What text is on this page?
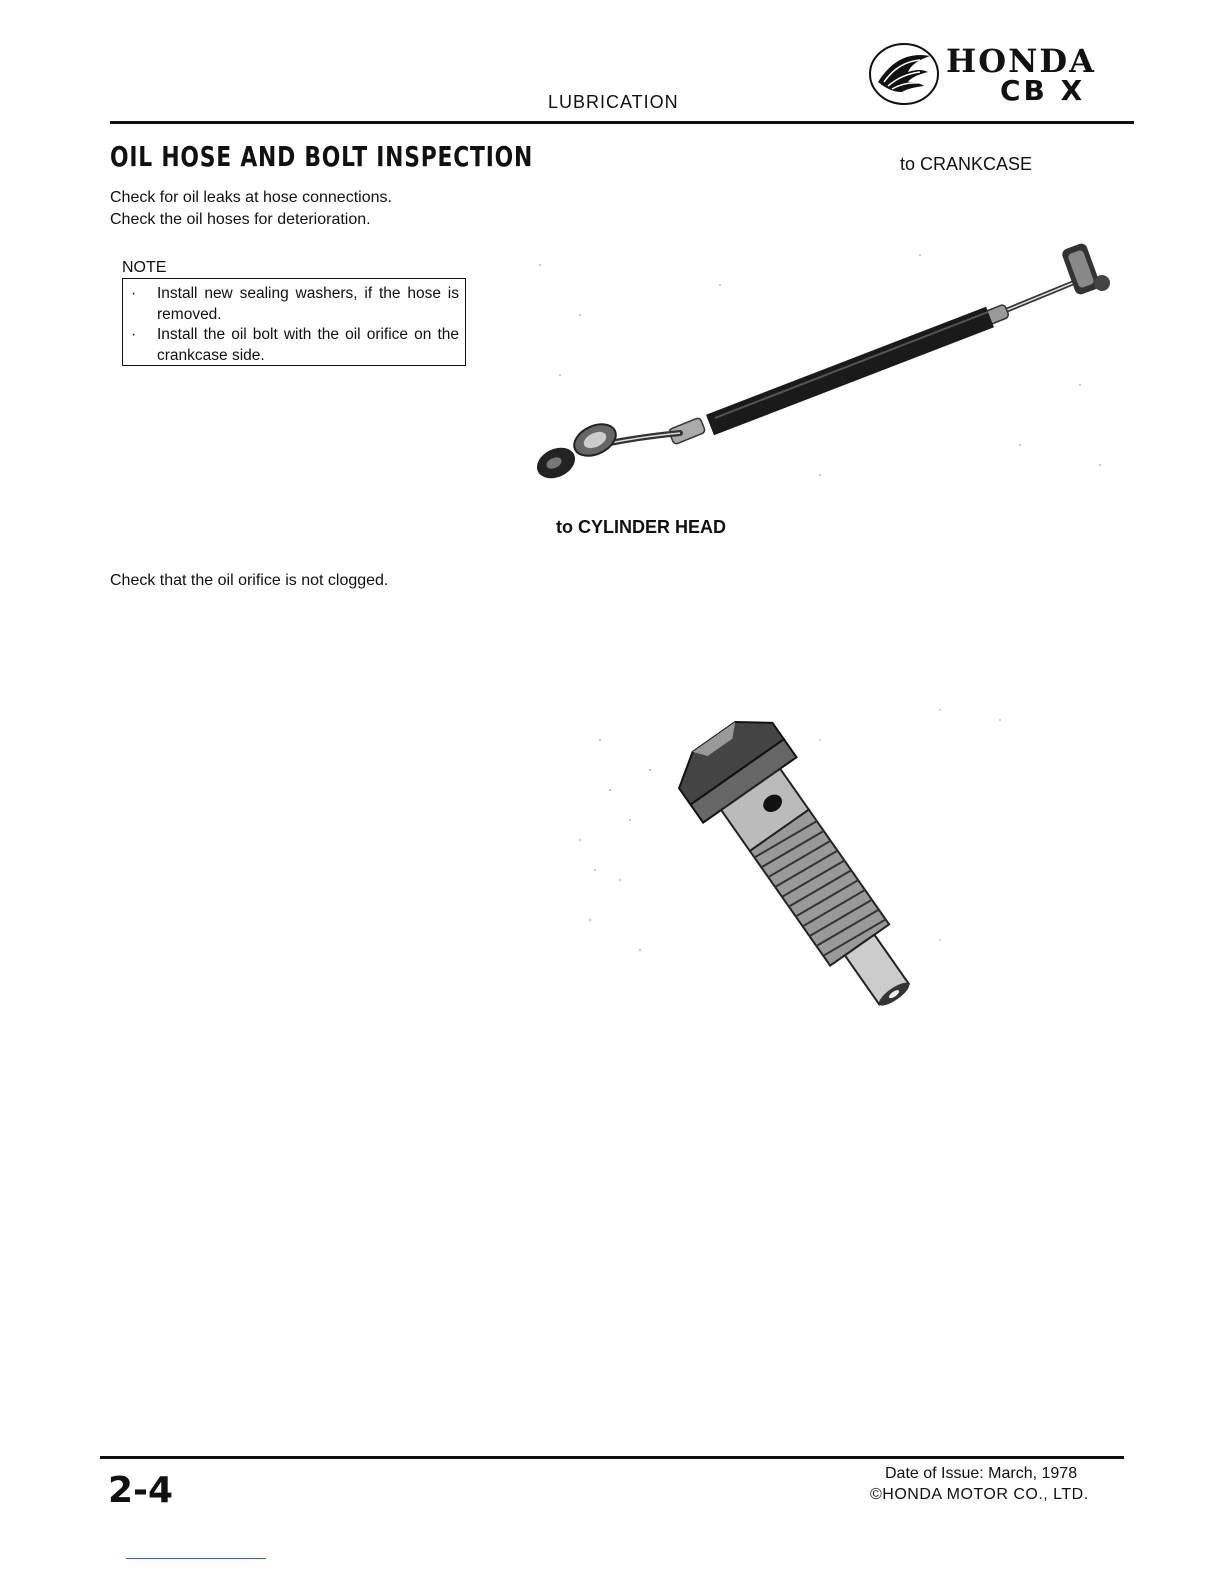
LUBRICATION
HONDA
CB X
OIL HOSE AND BOLT INSPECTION
Check for oil leaks at hose connections.
Check the oil hoses for deterioration.
NOTE
·	Install new sealing washers, if the hose is removed.
·	Install the oil bolt with the oil orifice on the crankcase side.
to CRANKCASE
to CYLINDER HEAD
Check that the oil orifice is not clogged.
2-4	Date of Issue: March, 1978
©HONDA MOTOR CO., LTD.
